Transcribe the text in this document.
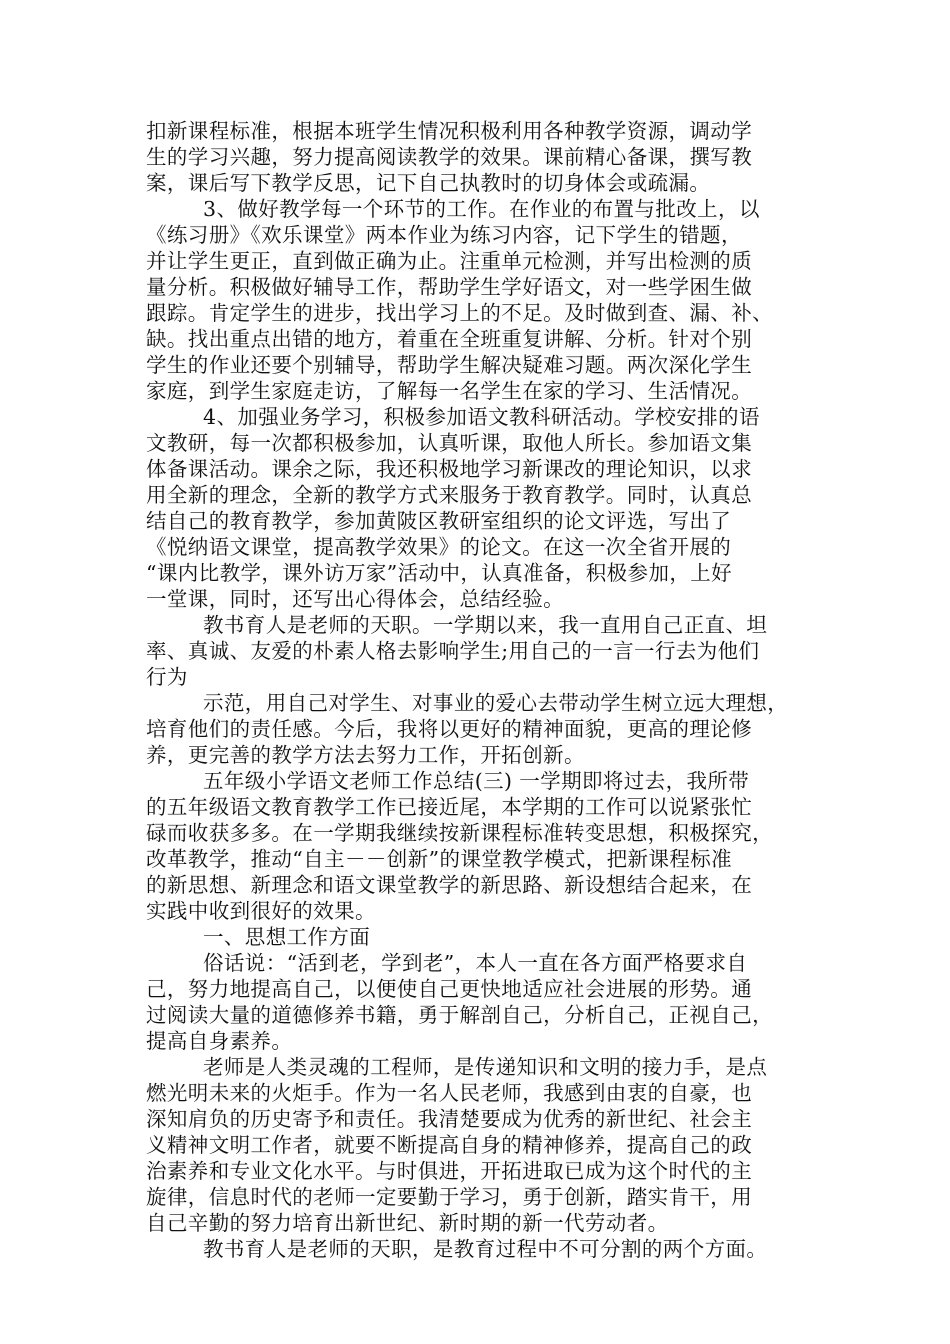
扣新课程标准，根据本班学生情况积极利用各种教学资源，调动学
生的学习兴趣，努力提高阅读教学的效果。课前精心备课，撰写教
案，课后写下教学反思，记下自己执教时的切身体会或疏漏。
3、做好教学每一个环节的工作。在作业的布置与批改上，以
《练习册》《欢乐课堂》两本作业为练习内容，记下学生的错题，
并让学生更正，直到做正确为止。注重单元检测，并写出检测的质
量分析。积极做好辅导工作，帮助学生学好语文，对一些学困生做
跟踪。肯定学生的进步，找出学习上的不足。及时做到查、漏、补、
缺。找出重点出错的地方，着重在全班重复讲解、分析。针对个别
学生的作业还要个别辅导，帮助学生解决疑难习题。两次深化学生
家庭，到学生家庭走访，了解每一名学生在家的学习、生活情况。
4、加强业务学习，积极参加语文教科研活动。学校安排的语
文教研，每一次都积极参加，认真听课，取他人所长。参加语文集
体备课活动。课余之际，我还积极地学习新课改的理论知识，以求
用全新的理念，全新的教学方式来服务于教育教学。同时，认真总
结自己的教育教学，参加黄陂区教研室组织的论文评选，写出了
《悦纳语文课堂，提高教学效果》的论文。在这一次全省开展的
“课内比教学，课外访万家”活动中，认真准备，积极参加，上好
一堂课，同时，还写出心得体会，总结经验。
教书育人是老师的天职。一学期以来，我一直用自己正直、坦
率、真诚、友爱的朴素人格去影响学生;用自己的一言一行去为他们
行为
示范，用自己对学生、对事业的爱心去带动学生树立远大理想，
培育他们的责任感。今后，我将以更好的精神面貌，更高的理论修
养，更完善的教学方法去努力工作，开拓创新。
五年级小学语文老师工作总结(三) 一学期即将过去，我所带
的五年级语文教育教学工作已接近尾，本学期的工作可以说紧张忙
碌而收获多多。在一学期我继续按新课程标准转变思想，积极探究，
改革教学，推动“自主－－创新”的课堂教学模式，把新课程标准
的新思想、新理念和语文课堂教学的新思路、新设想结合起来，在
实践中收到很好的效果。
一、思想工作方面
俗话说：“活到老，学到老”，本人一直在各方面严格要求自
己，努力地提高自己，以便使自己更快地适应社会进展的形势。通
过阅读大量的道德修养书籍，勇于解剖自己，分析自己，正视自己，
提高自身素养。
老师是人类灵魂的工程师，是传递知识和文明的接力手，是点
燃光明未来的火炬手。作为一名人民老师，我感到由衷的自豪，也
深知肩负的历史寄予和责任。我清楚要成为优秀的新世纪、社会主
义精神文明工作者，就要不断提高自身的精神修养，提高自己的政
治素养和专业文化水平。与时俱进，开拓进取已成为这个时代的主
旋律，信息时代的老师一定要勤于学习，勇于创新，踏实肯干，用
自己辛勤的努力培育出新世纪、新时期的新一代劳动者。
教书育人是老师的天职，是教育过程中不可分割的两个方面。
